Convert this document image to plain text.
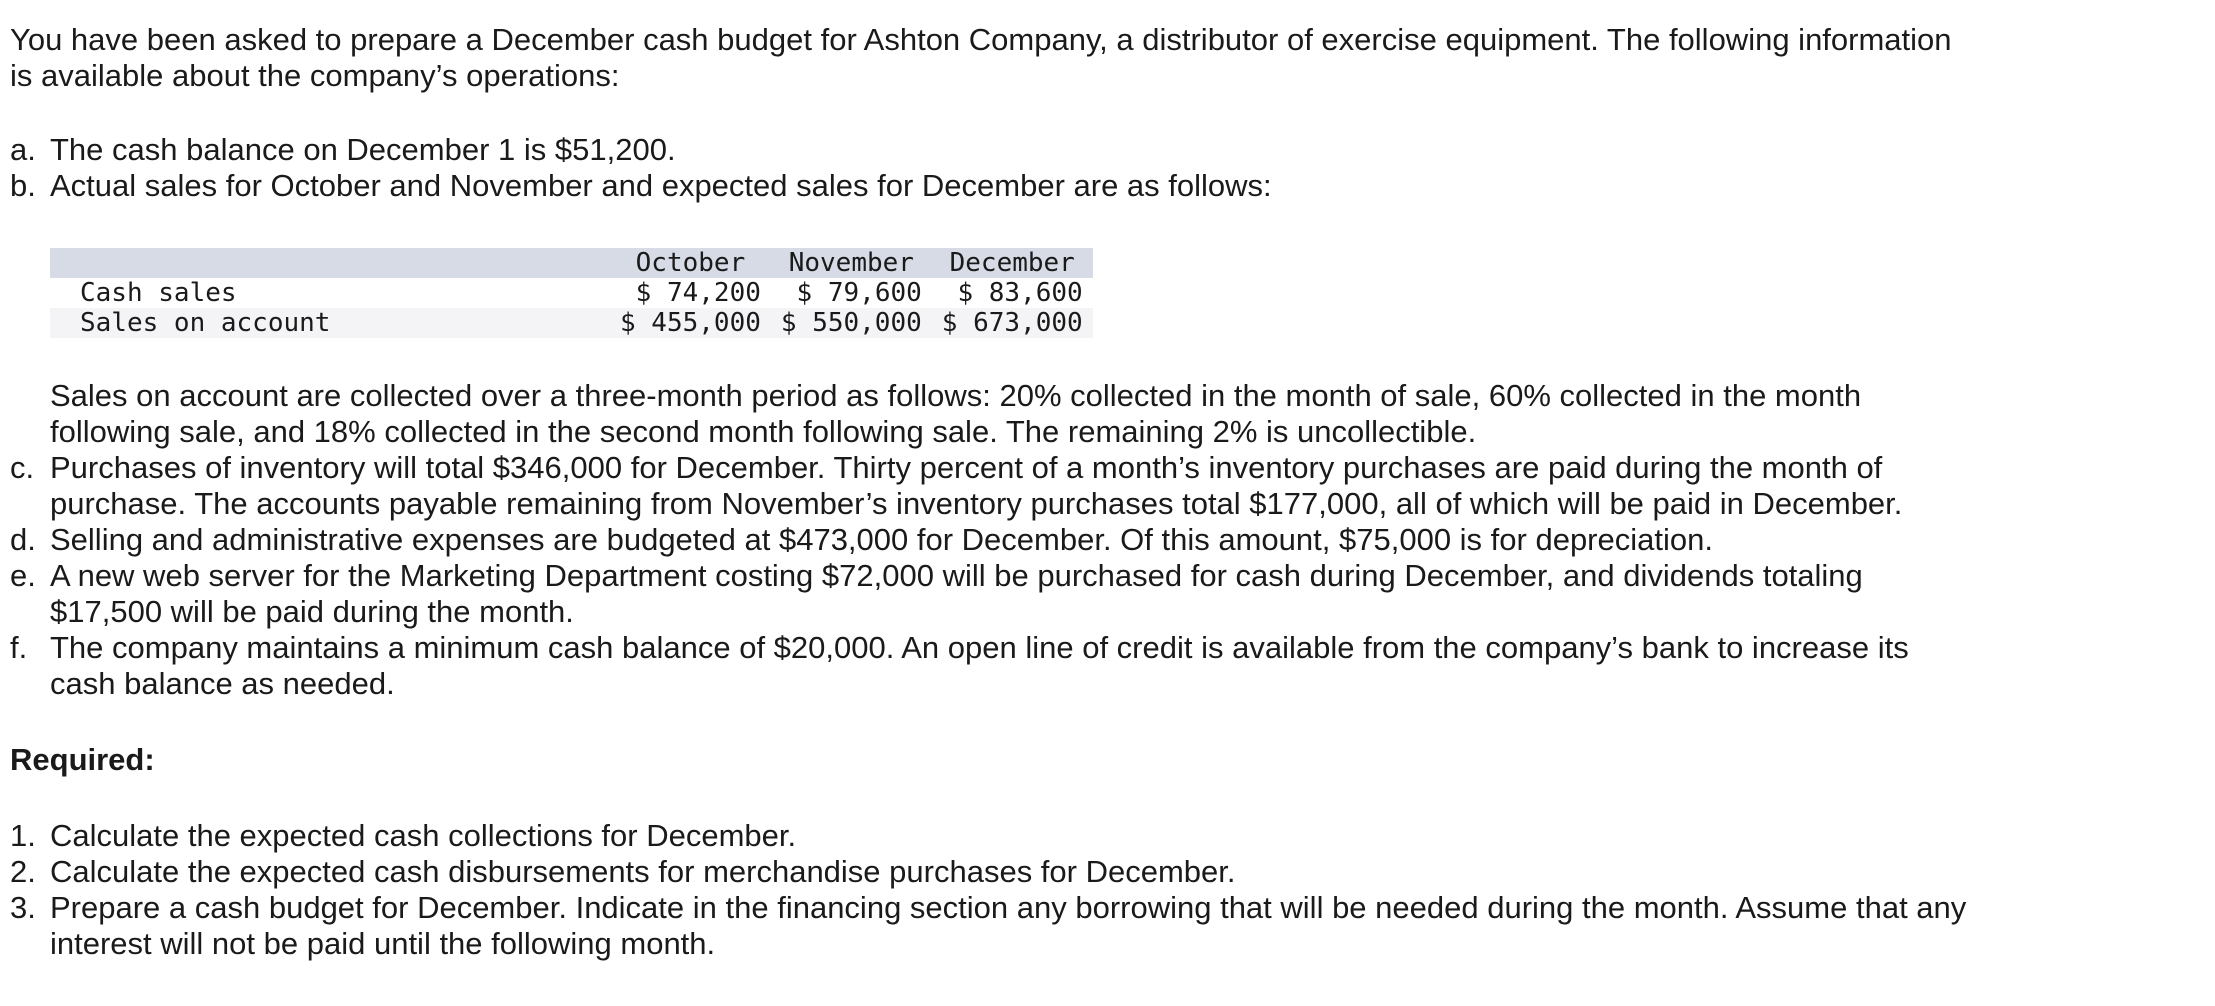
You have been asked to prepare a December cash budget for Ashton Company, a distributor of exercise equipment. The following information is available about the company’s operations:

a. The cash balance on December 1 is $51,200.
b. Actual sales for October and November and expected sales for December are as follows:
	October	November	December
Cash sales	$ 74,200	$ 79,600	$ 83,600
Sales on account	$ 455,000	$ 550,000	$ 673,000
Sales on account are collected over a three-month period as follows: 20% collected in the month of sale, 60% collected in the month following sale, and 18% collected in the second month following sale. The remaining 2% is uncollectible.
c. Purchases of inventory will total $346,000 for December. Thirty percent of a month’s inventory purchases are paid during the month of purchase. The accounts payable remaining from November’s inventory purchases total $177,000, all of which will be paid in December.
d. Selling and administrative expenses are budgeted at $473,000 for December. Of this amount, $75,000 is for depreciation.
e. A new web server for the Marketing Department costing $72,000 will be purchased for cash during December, and dividends totaling $17,500 will be paid during the month.
f. The company maintains a minimum cash balance of $20,000. An open line of credit is available from the company’s bank to increase its cash balance as needed.
Required:
1. Calculate the expected cash collections for December.
2. Calculate the expected cash disbursements for merchandise purchases for December.
3. Prepare a cash budget for December. Indicate in the financing section any borrowing that will be needed during the month. Assume that any interest will not be paid until the following month.
